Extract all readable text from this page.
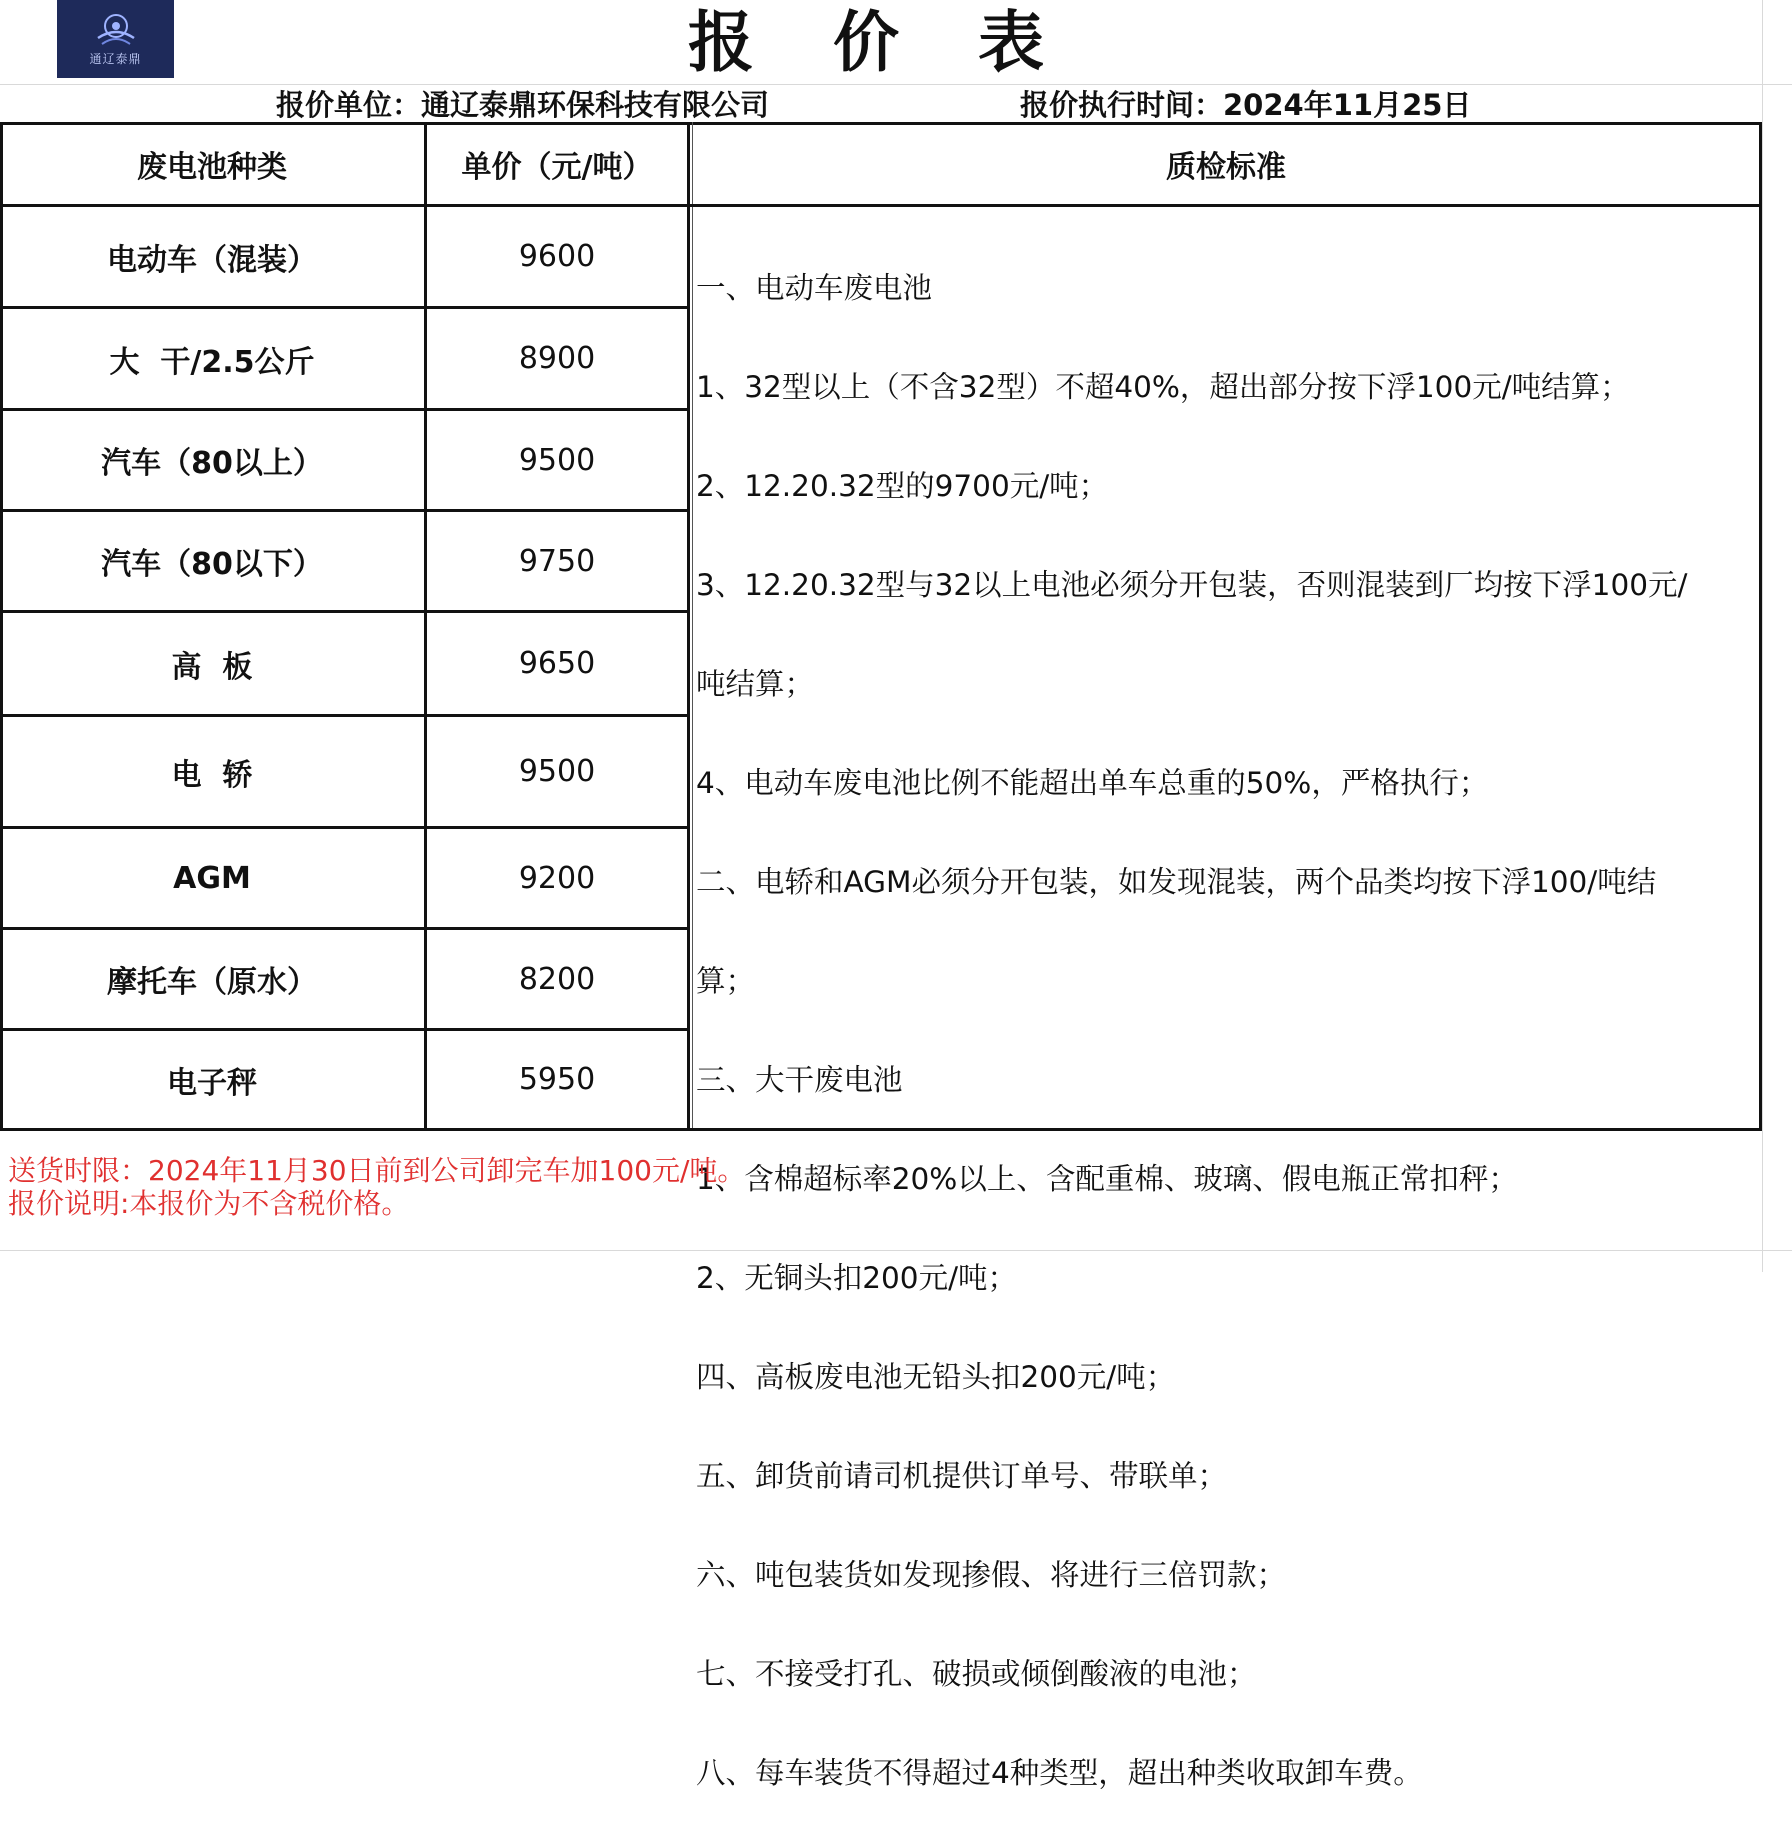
通辽泰鼎	报 价 表
报价单位：通辽泰鼎环保科技有限公司	报价执行时间：2024年11月25日
废电池种类	单价（元/吨）	质检标准
电动车（混装）	9600
大  干/2.5公斤	8900
汽车（80以上）	9500
汽车（80以下）	9750
高  板	9650
电  轿	9500
AGM	9200
摩托车（原水）	8200
电子秤	5950

一、电动车废电池

1、32型以上（不含32型）不超40%，超出部分按下浮100元/吨结算；

2、12.20.32型的9700元/吨；

3、12.20.32型与32以上电池必须分开包装，否则混装到厂均按下浮100元/

吨结算；

4、电动车废电池比例不能超出单车总重的50%，严格执行；

二、电轿和AGM必须分开包装，如发现混装，两个品类均按下浮100/吨结

算；

三、大干废电池

1、含棉超标率20%以上、含配重棉、玻璃、假电瓶正常扣秤；

2、无铜头扣200元/吨；

四、高板废电池无铅头扣200元/吨；

五、卸货前请司机提供订单号、带联单；

六、吨包装货如发现掺假、将进行三倍罚款；

七、不接受打孔、破损或倾倒酸液的电池；

八、每车装货不得超过4种类型，超出种类收取卸车费。

送货时限：2024年11月30日前到公司卸完车加100元/吨。
报价说明:本报价为不含税价格。
